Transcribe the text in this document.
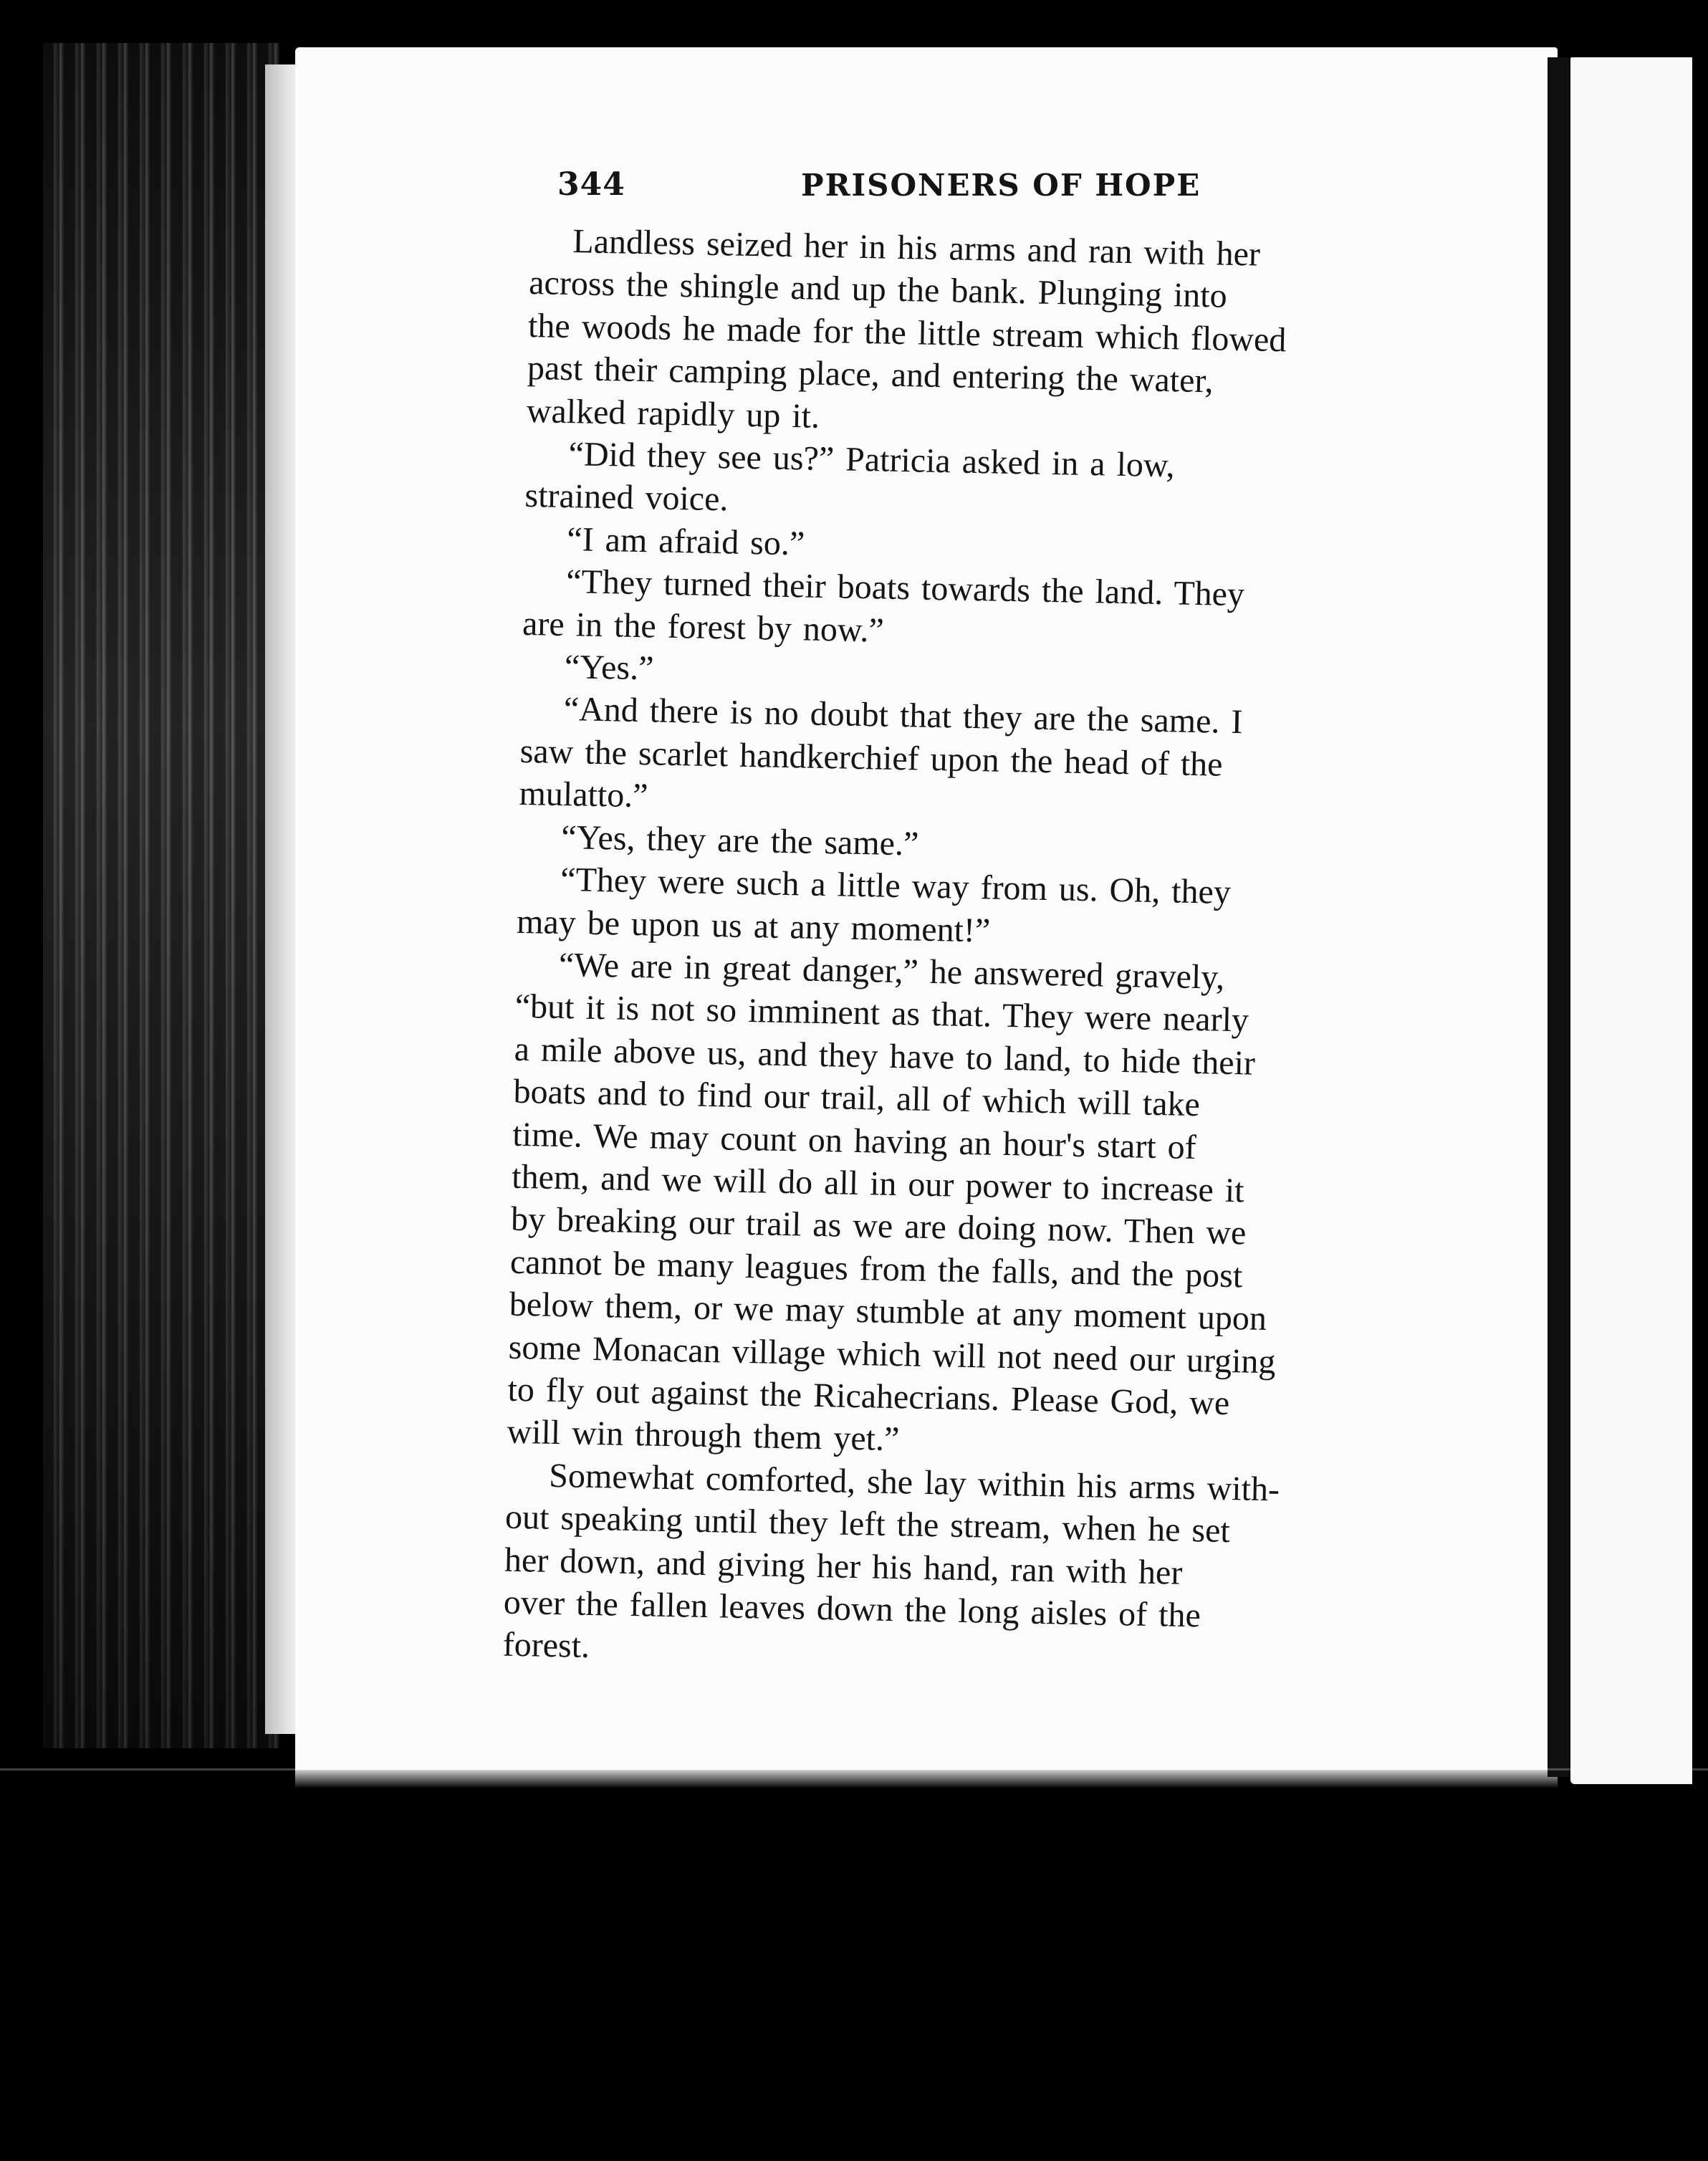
344	PRISONERS OF HOPE

Landless seized her in his arms and ran with her
across the shingle and up the bank. Plunging into
the woods he made for the little stream which flowed
past their camping place, and entering the water,
walked rapidly up it.

“Did they see us?” Patricia asked in a low,
strained voice.

“I am afraid so.”

“They turned their boats towards the land. They
are in the forest by now.”

“Yes.”

“And there is no doubt that they are the same. I
saw the scarlet handkerchief upon the head of the
mulatto.”

“Yes, they are the same.”

“They were such a little way from us. Oh, they
may be upon us at any moment!”

“We are in great danger,” he answered gravely,
“but it is not so imminent as that. They were nearly
a mile above us, and they have to land, to hide their
boats and to find our trail, all of which will take
time. We may count on having an hour's start of
them, and we will do all in our power to increase it
by breaking our trail as we are doing now. Then we
cannot be many leagues from the falls, and the post
below them, or we may stumble at any moment upon
some Monacan village which will not need our urging
to fly out against the Ricahecrians. Please God, we
will win through them yet.”

Somewhat comforted, she lay within his arms with-
out speaking until they left the stream, when he set
her down, and giving her his hand, ran with her
over the fallen leaves down the long aisles of the
forest.
